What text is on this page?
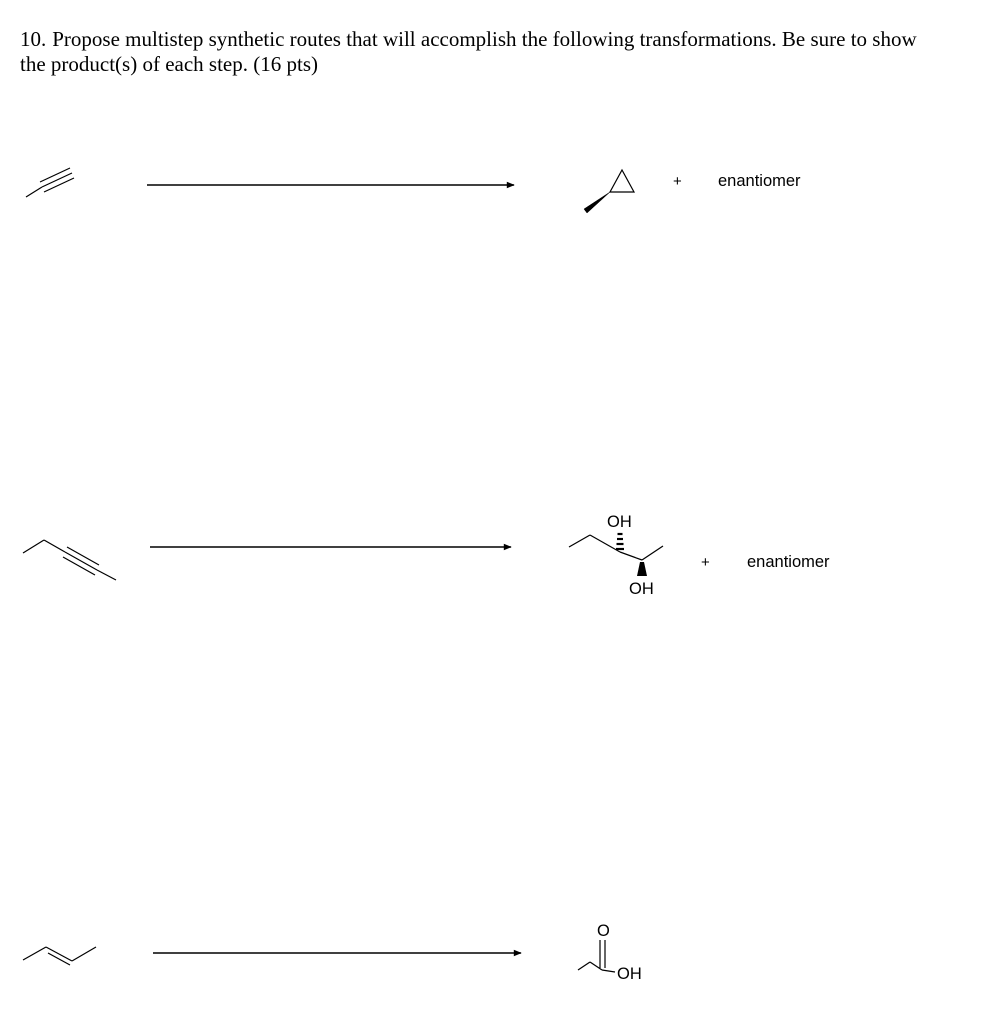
10. Propose multistep synthetic routes that will accomplish the following transformations. Be sure to show
the product(s) of each step. (16 pts)
+ enantiomer
OH
OH
+ enantiomer
O
OH
